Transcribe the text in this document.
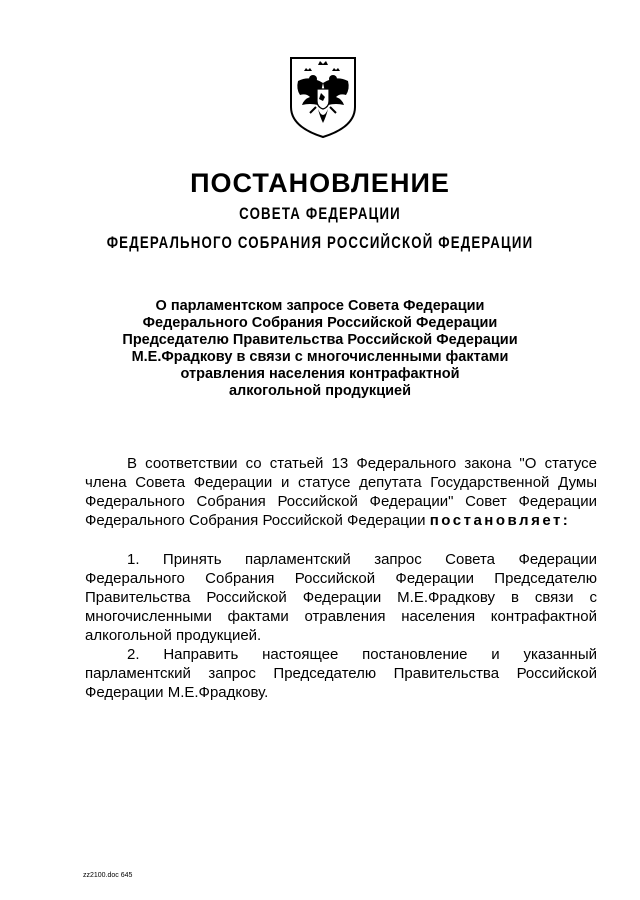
ПОСТАНОВЛЕНИЕ
СОВЕТА ФЕДЕРАЦИИ
ФЕДЕРАЛЬНОГО СОБРАНИЯ РОССИЙСКОЙ ФЕДЕРАЦИИ
О парламентском запросе Совета Федерации
Федерального Собрания Российской Федерации
Председателю Правительства Российской Федерации
М.Е.Фрадкову в связи с многочисленными фактами
отравления населения контрафактной
алкогольной продукцией

В соответствии со статьей 13 Федерального закона "О статусе члена Совета Федерации и статусе депутата Государственной Думы Федерального Собрания Российской Федерации" Совет Федерации Федерального Собрания Российской Федерации постановляет:

1. Принять парламентский запрос Совета Федерации Федерального Собрания Российской Федерации Председателю Правительства Российской Федерации М.Е.Фрадкову в связи с многочисленными фактами отравления населения контрафактной алкогольной продукцией.

2. Направить настоящее постановление и указанный парламентский запрос Председателю Правительства Российской Федерации М.Е.Фрадкову.

zz2100.doc 645
